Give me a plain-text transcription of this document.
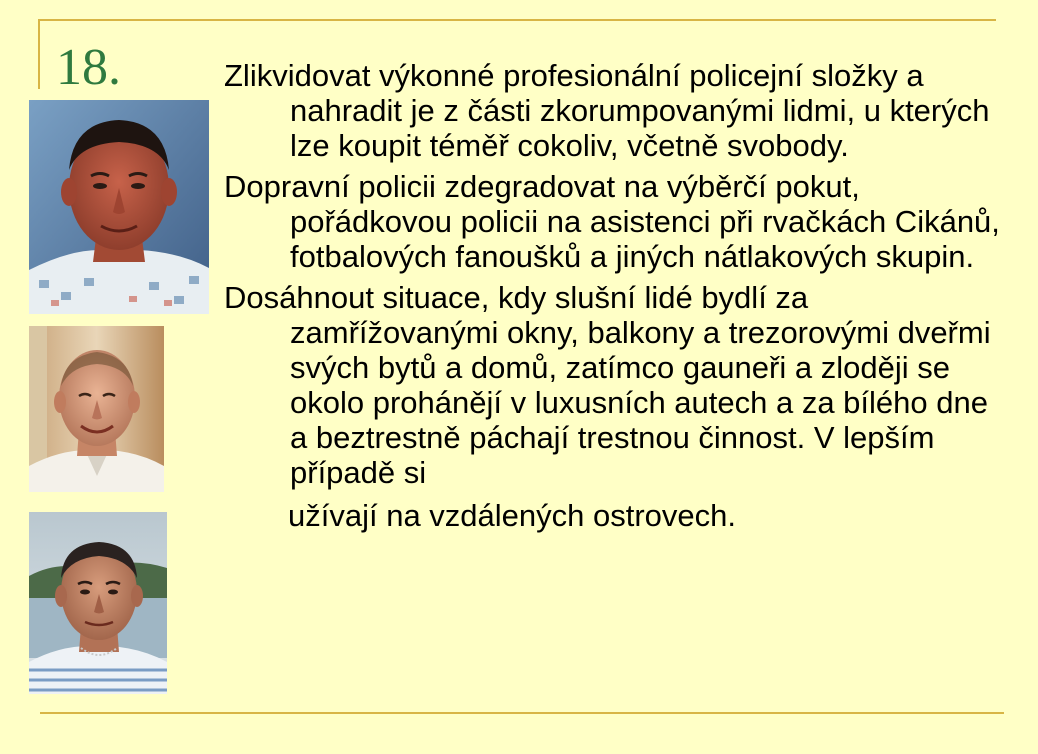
18.	Zlikvidovat výkonné profesionální policejní složky a nahradit je z části zkorumpovanými lidmi, u kterých lze koupit téměř cokoliv, včetně svobody.

Dopravní policii zdegradovat na výběrčí pokut, pořádkovou policii na asistenci při rvačkách Cikánů, fotbalových fanoušků a jiných nátlakových skupin.

Dosáhnout situace, kdy slušní lidé bydlí za zamřížovanými okny, balkony a trezorovými dveřmi svých bytů a domů, zatímco gauneři a zloději se okolo prohánějí v luxusních autech a za bílého dne a beztrestně páchají trestnou činnost. V lepším případě si

užívají na vzdálených ostrovech.
